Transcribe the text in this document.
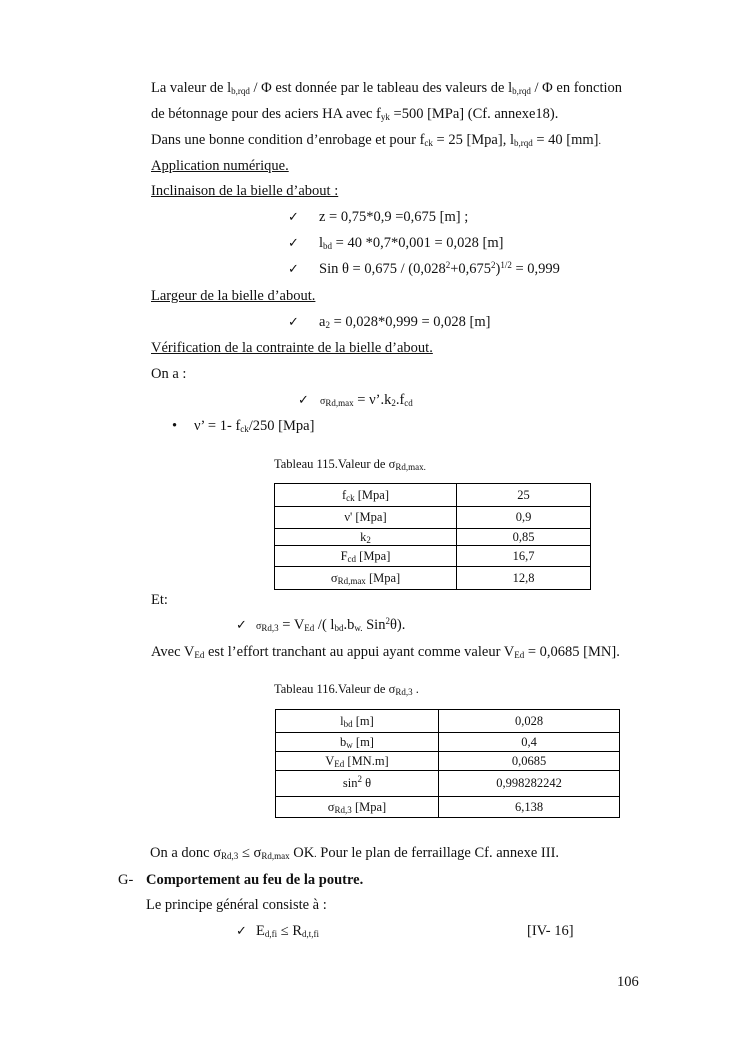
La valeur de $l_{b,rqd}$ / Φ est donnée par le tableau des valeurs de $l_{b,rqd}$ / Φ en fonction
de bétonnage pour des aciers HA avec $f_{yk} =500$ [MPa] (Cf. annexe18).
Dans une bonne condition d’enrobage et pour $f_{ck} = 25$ [Mpa], $l_{b,rqd} = 40$ [mm].
Application numérique.
Inclinaison de la bielle d’about :
✓ z = 0,75*0,9 =0,675 [m] ;
✓ $l_{bd} = 40$ *0,7*0,001 = 0,028 [m]
✓ Sin $\theta = 0,675 / (0,028^2+0,675^2)^{1/2} = 0,999$
Largeur de la bielle d’about.
✓ $a_2 = 0,028*0,999 = 0,028$ [m]
Vérification de la contrainte de la bielle d’about.
On a :
✓ $\sigma_{Rd,max}$ = $\nu’.k_2.f_{cd}$
• ν’ = 1- $f_{ck}/250$ [Mpa]
Tableau 115.Valeur de $\sigma_{Rd,max.}$
$f_{ck}$ [Mpa]	25
ν' [Mpa]	0,9
$k_2$	0,85
$F_{cd}$ [Mpa]	16,7
$\sigma_{Rd,max}$ [Mpa]	12,8
Et:
✓ $\sigma_{Rd,3} = V_{Ed}$ /( $l_{bd}.b_{w.}$ Sin$^2$θ).
Avec $V_{Ed}$ est l’effort tranchant au appui ayant comme valeur $V_{Ed} = 0,0685$ [MN].
Tableau 116.Valeur de $\sigma_{Rd,3}$ .
$l_{bd}$ [m]	0,028
$b_w$ [m]	0,4
$V_{Ed}$ [MN.m]	0,0685
$\sin^2 \theta$	0,998282242
$\sigma_{Rd,3}$ [Mpa]	6,138
On a donc $\sigma_{Rd,3} \le \sigma_{Rd,max}$ OK. Pour le plan de ferraillage Cf. annexe III.
G- Comportement au feu de la poutre.
Le principe général consiste à :
✓ $E_{d,fi} \le R_{d,t,fi}$	[IV- 16]
106
